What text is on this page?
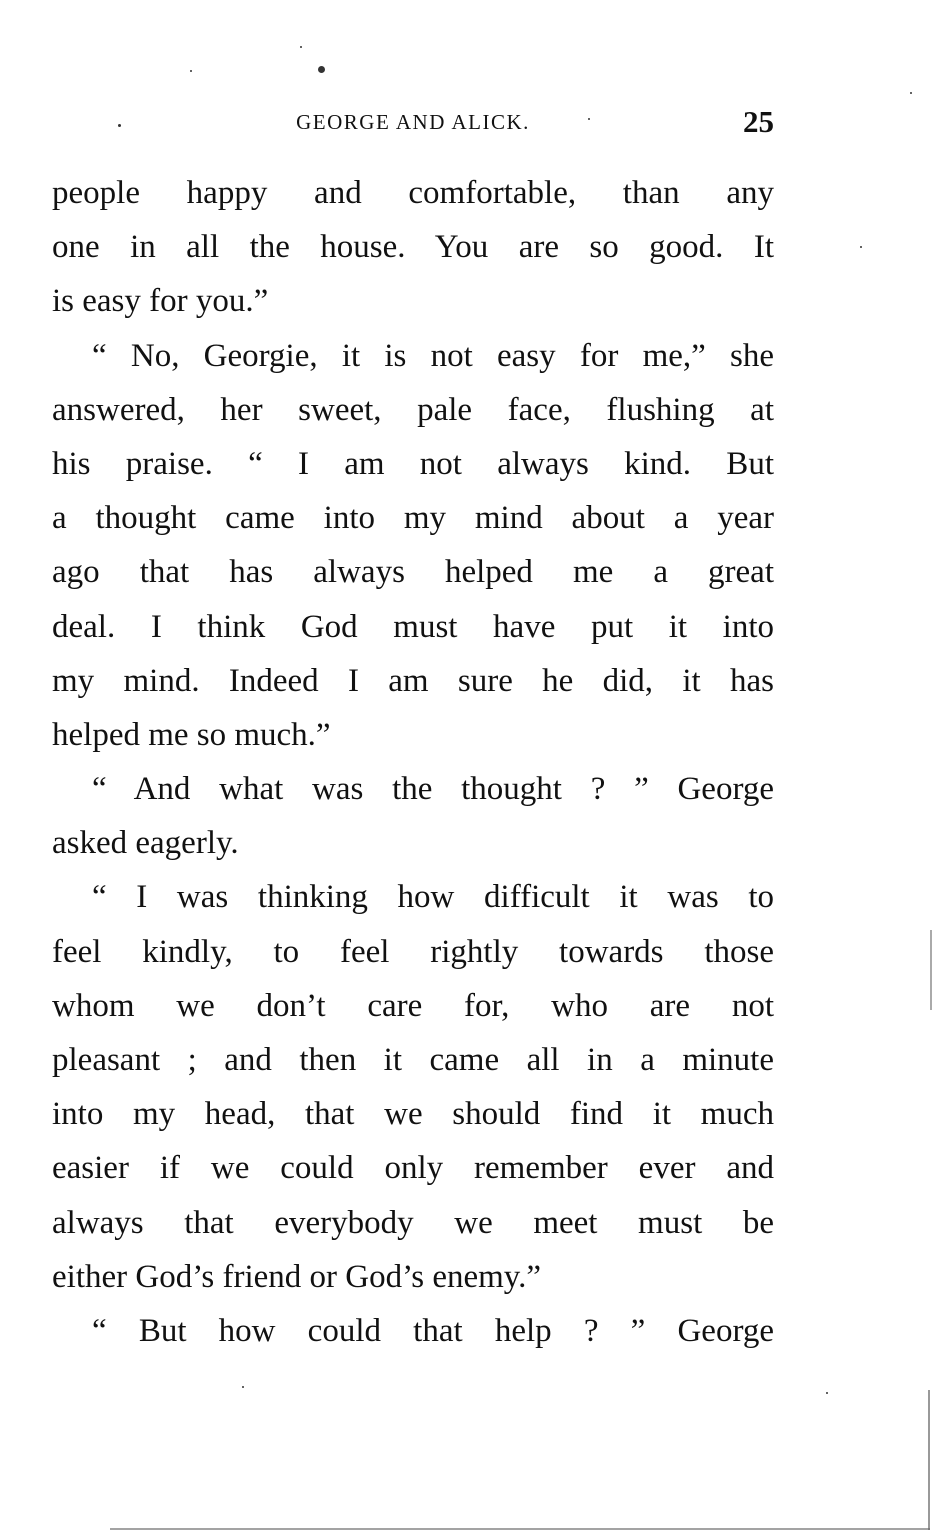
GEORGE AND ALICK.	25
people happy and comfortable, than any
one in all the house. You are so good. It
is easy for you.”
“ No, Georgie, it is not easy for me,” she
answered, her sweet, pale face, flushing at
his praise. “ I am not always kind. But
a thought came into my mind about a year
ago that has always helped me a great
deal. I think God must have put it into
my mind. Indeed I am sure he did, it has
helped me so much.”
“ And what was the thought ? ” George
asked eagerly.
“ I was thinking how difficult it was to
feel kindly, to feel rightly towards those
whom we don’t care for, who are not
pleasant ; and then it came all in a minute
into my head, that we should find it much
easier if we could only remember ever and
always that everybody we meet must be
either God’s friend or God’s enemy.”
“ But how could that help ? ” George
